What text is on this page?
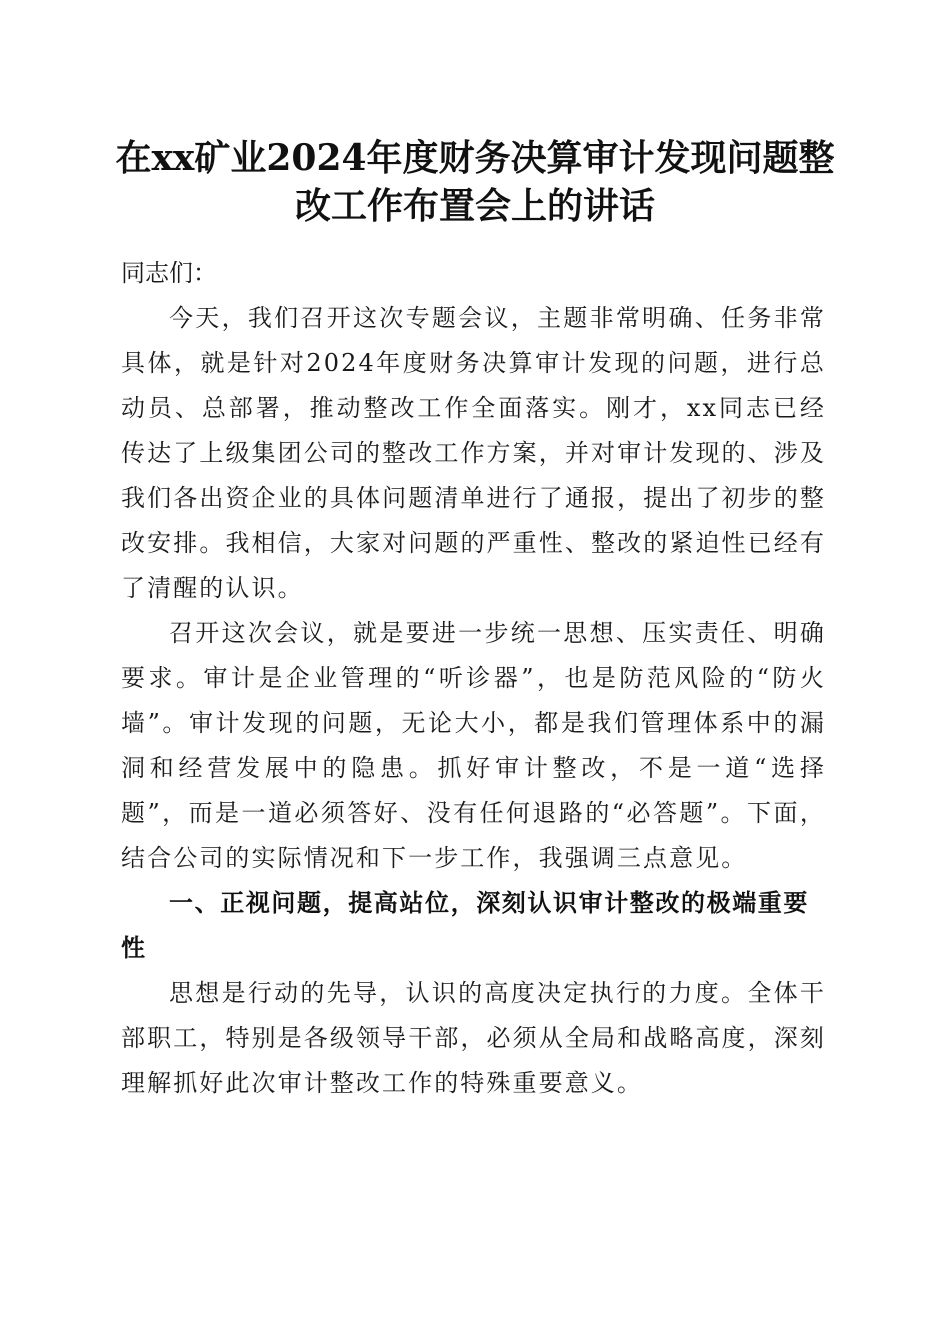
在xx矿业2024年度财务决算审计发现问题整
改工作布置会上的讲话

同志们：

今天，我们召开这次专题会议，主题非常明确、任务非常具体，就是针对2024年度财务决算审计发现的问题，进行总动员、总部署，推动整改工作全面落实。刚才，xx同志已经传达了上级集团公司的整改工作方案，并对审计发现的、涉及我们各出资企业的具体问题清单进行了通报，提出了初步的整改安排。我相信，大家对问题的严重性、整改的紧迫性已经有了清醒的认识。

召开这次会议，就是要进一步统一思想、压实责任、明确要求。审计是企业管理的“听诊器”，也是防范风险的“防火墙”。审计发现的问题，无论大小，都是我们管理体系中的漏洞和经营发展中的隐患。抓好审计整改，不是一道“选择题”，而是一道必须答好、没有任何退路的“必答题”。下面，结合公司的实际情况和下一步工作，我强调三点意见。

一、正视问题，提高站位，深刻认识审计整改的极端重要性

思想是行动的先导，认识的高度决定执行的力度。全体干部职工，特别是各级领导干部，必须从全局和战略高度，深刻理解抓好此次审计整改工作的特殊重要意义。
